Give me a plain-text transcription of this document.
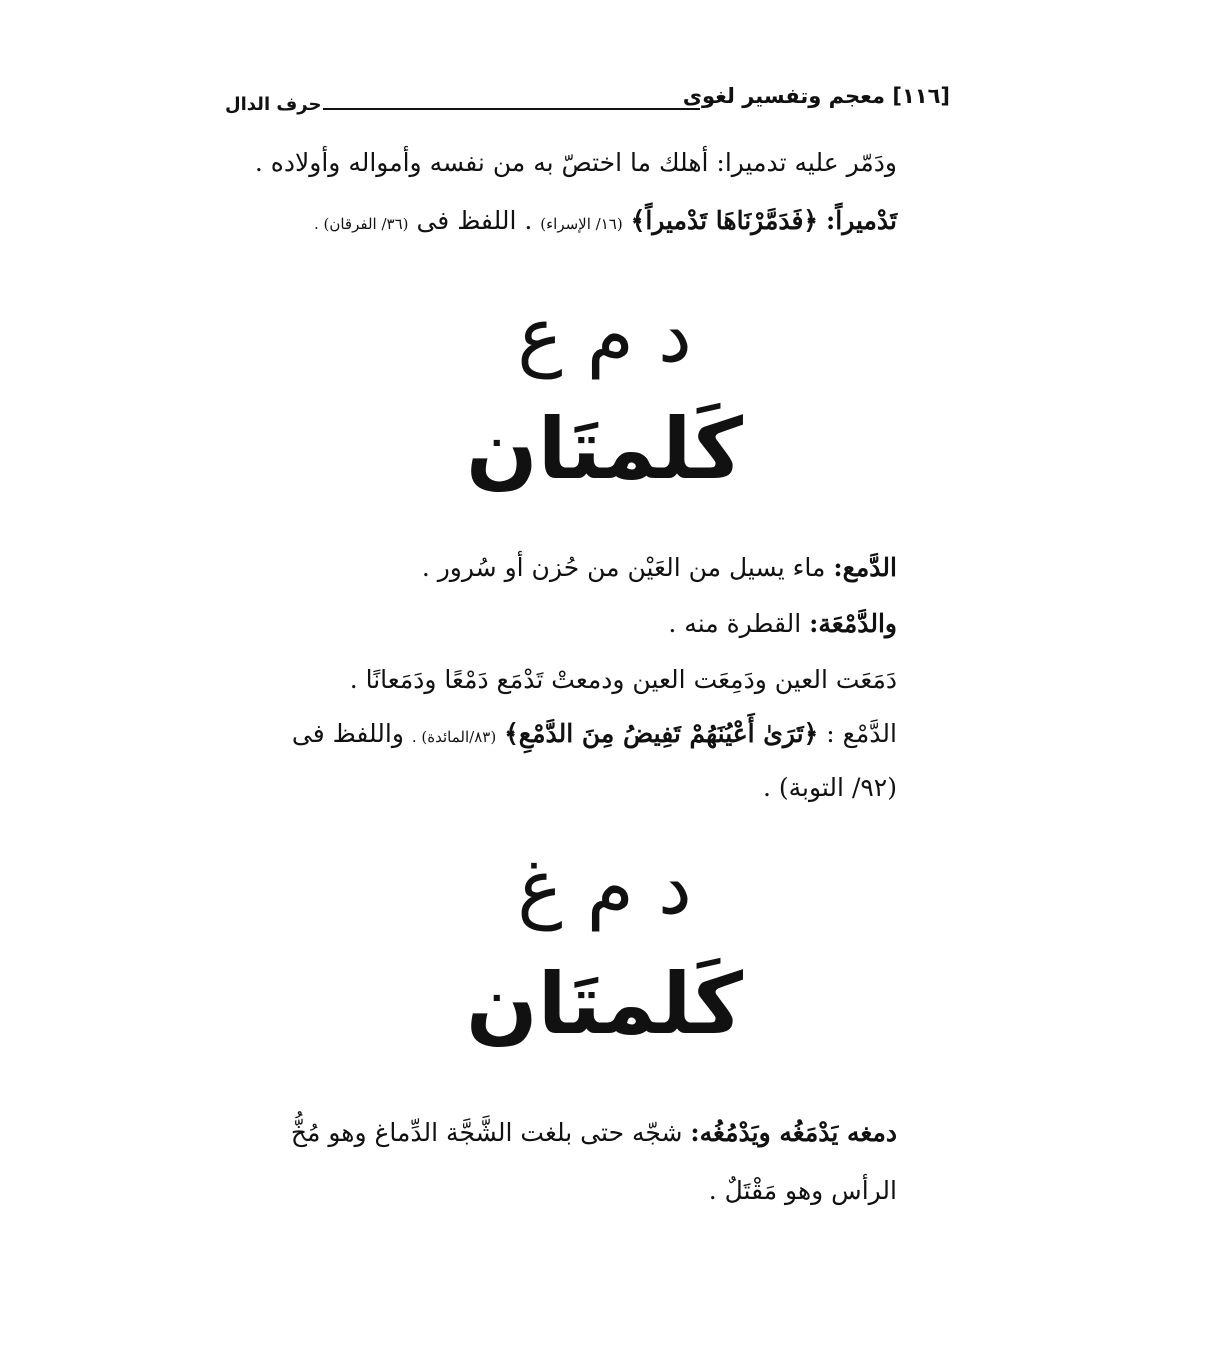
[١١٦] معجم وتفسير لغوى
حرف الدال
ودَمّر عليه تدميرا: أهلك ما اختصّ به من نفسه وأمواله وأولاده .
تَدْميراً: ﴿فَدَمَّرْنَاهَا تَدْميراً﴾ (١٦/ الإسراء) . اللفظ فى (٣٦/ الفرقان) .
د م ع
كَلمتَان
الدَّمع: ماء يسيل من العَيْن من حُزن أو سُرور .
والدَّمْعَة: القطرة منه .
دَمَعَت العين ودَمِعَت العين ودمعتْ تَدْمَع دَمْعًا ودَمَعانًا .
الدَّمْع : ﴿تَرَىٰ أَعْيُنَهُمْ تَفِيضُ مِنَ الدَّمْعِ﴾ (٨٣/المائدة) . واللفظ فى
(٩٢/ التوبة) .
د م غ
كَلمتَان
دمغه يَدْمَغُه ويَدْمُغُه: شجّه حتى بلغت الشَّجَّة الدِّماغ وهو مُخُّ
الرأس وهو مَقْتَلٌ .
